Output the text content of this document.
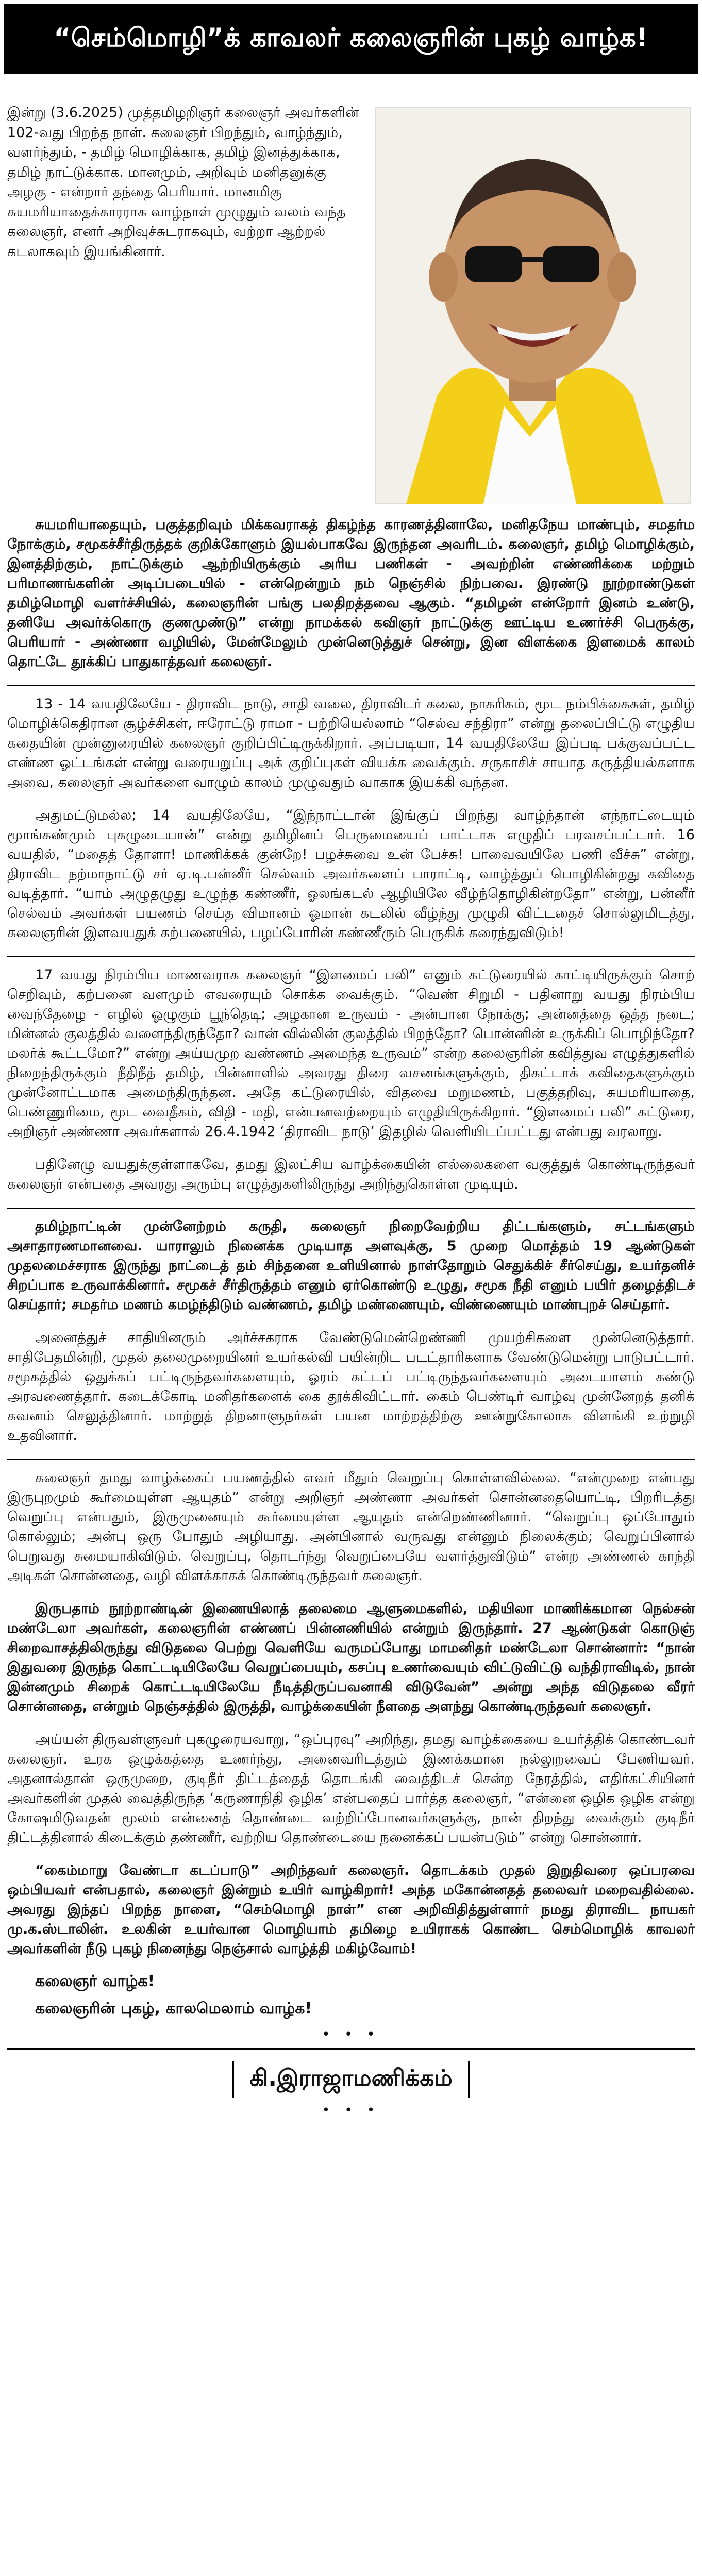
“செம்மொழி”க் காவலர் கலைஞரின் புகழ் வாழ்க!
இன்று (3.6.2025) முத்தமிழறிஞர் கலைஞர் அவர்களின் 102-வது பிறந்த நாள். கலைஞர் பிறந்தும், வாழ்ந்தும், வளர்ந்தும், - தமிழ் மொழிக்காக, தமிழ் இனத்துக்காக, தமிழ் நாட்டுக்காக. மானமும், அறிவும் மனிதனுக்கு அழகு - என்றார் தந்தை பெரியார். மானமிகு சுயமரியாதைக்காரராக வாழ்நாள் முழுதும் வலம் வந்த கலைஞர், எனர் அறிவுச்சுடராகவும், வற்றா ஆற்றல் கடலாகவும் இயங்கினார்.

சுயமரியாதையும், பகுத்தறிவும் மிக்கவராகத் திகழ்ந்த காரணத்தினாலே, மனிதநேய மாண்பும், சமதர்ம நோக்கும், சமூகச்சீர்திருத்தக் குறிக்கோளும் இயல்பாகவே இருந்தன அவரிடம். கலைஞர், தமிழ் மொழிக்கும், இனத்திற்கும், நாட்டுக்கும் ஆற்றியிருக்கும் அரிய பணிகள் - அவற்றின் எண்ணிக்கை மற்றும் பரிமாணங்களின் அடிப்படையில் - என்றென்றும் நம் நெஞ்சில் நிற்பவை. இரண்டு நூற்றாண்டுகள் தமிழ்மொழி வளர்ச்சியில், கலைஞரின் பங்கு பலதிறத்தவை ஆகும். “தமிழன் என்றோர் இனம் உண்டு, தனியே அவர்க்கொரு குணமுண்டு” என்று நாமக்கல் கவிஞர் நாட்டுக்கு ஊட்டிய உணர்ச்சி பெருக்கு, பெரியார் - அண்ணா வழியில், மேன்மேலும் முன்னெடுத்துச் சென்று, இன விளக்கை இளமைக் காலம் தொட்டே தூக்கிப் பாதுகாத்தவர் கலைஞர்.

13 - 14 வயதிலேயே - திராவிட நாடு, சாதி வலை, திராவிடர் கலை, நாகரிகம், மூட நம்பிக்கைகள், தமிழ் மொழிக்கெதிரான சூழ்ச்சிகள், ஈரோட்டு ராமா - பற்றியெல்லாம் “செல்வ சந்திரா” என்று தலைப்பிட்டு எழுதிய கதையின் முன்னுரையில் கலைஞர் குறிப்பிட்டிருக்கிறார். அப்படியா, 14 வயதிலேயே இப்படி பக்குவப்பட்ட எண்ண ஓட்டங்கள் என்று வரையறுப்பு அக் குறிப்புகள் வியக்க வைக்கும். சருகாசிச் சாயாத கருத்தியல்களாக அவை, கலைஞர் அவர்களை வாழும் காலம் முழுவதும் வாகாக இயக்கி வந்தன.

அதுமட்டுமல்ல; 14 வயதிலேயே, “இந்நாட்டான் இங்குப் பிறந்து வாழ்ந்தான் எந்நாட்டையும் மூாங்கண்மும் புகழுடையான்” என்று தமிழினப் பெருமையைப் பாட்டாக எழுதிப் பரவசப்பட்டார். 16 வயதில், “மதைத் தோளா! மாணிக்கக் குன்றே! பழச்சுவை உன் பேச்சு! பாவைவயிலே பணி வீச்சு” என்று, திராவிட நற்மாநாட்டு சர் ஏ.டி.பன்னீர் செல்வம் அவர்களைப் பாராட்டி, வாழ்த்துப் பொழிகின்றது கவிதை வடித்தார். “யாம் அழுதழுது உழுந்த கண்ணீர், ஓலங்கடல் ஆழியிலே வீழ்ந்தொழிகின்றதோ” என்று, பன்னீர் செல்வம் அவர்கள் பயணம் செய்த விமானம் ஓமான் கடலில் வீழ்ந்து முழுகி விட்டதைச் சொல்லுமிடத்து, கலைஞரின் இளவயதுக் கற்பனையில், பழப்போரின் கண்ணீரும் பெருகிக் கரைந்துவிடும்!

17 வயது நிரம்பிய மாணவராக கலைஞர் “இளமைப் பலி” எனும் கட்டுரையில் காட்டியிருக்கும் சொற் செறிவும், கற்பனை வளமும் எவரையும் சொக்க வைக்கும். “வெண் சிறுமி - பதினாறு வயது நிரம்பிய வைந்தேழை - எழில் ஓழுகும் பூந்தெடி; அழகான உருவம் - அன்பான நோக்கு; அன்னத்தை ஒத்த நடை; மின்னல் குலத்தில் வளைந்திருந்தோ? வான் வில்லின் குலத்தில் பிறந்தோ? பொன்னின் உருக்கிப் பொழிந்தோ? மலர்க் கூட்டமோ?” என்று அய்யமுற வண்ணம் அமைந்த உருவம்” என்ற கலைஞரின் கவித்துவ எழுத்துகளில் நிறைந்திருக்கும் நீதிநீத் தமிழ், பின்னாளில் அவரது திரை வசனங்களுக்கும், திகட்டாக் கவிதைகளுக்கும் முன்னோட்டமாக அமைந்திருந்தன. அதே கட்டுரையில், விதவை மறுமணம், பகுத்தறிவு, சுயமரியாதை, பெண்ணுரிமை, மூட வைதீகம், விதி - மதி, என்பனவற்றையும் எழுதியிருக்கிறார். “இளமைப் பலி” கட்டுரை, அறிஞர் அண்ணா அவர்களால் 26.4.1942 ‘திராவிட நாடு’ இதழில் வெளியிடப்பட்டது என்பது வரலாறு.

பதினேழு வயதுக்குள்ளாகவே, தமது இலட்சிய வாழ்க்கையின் எல்லைகளை வகுத்துக் கொண்டிருந்தவர் கலைஞர் என்பதை அவரது அரும்பு எழுத்துகளிலிருந்து அறிந்துகொள்ள முடியும்.

தமிழ்நாட்டின் முன்னேற்றம் கருதி, கலைஞர் நிறைவேற்றிய திட்டங்களும், சட்டங்களும் அசாதாரணமானவை. யாராலும் நினைக்க முடியாத அளவுக்கு, 5 முறை மொத்தம் 19 ஆண்டுகள் முதலமைச்சராக இருந்து நாட்டைத் தம் சிந்தனை உளியினால் நாள்தோறும் செதுக்கிச் சீர்செய்து, உயர்தனிச் சிறப்பாக உருவாக்கினார். சமூகச் சீர்திருத்தம் எனும் ஏர்கொண்டு உழுது, சமூக நீதி எனும் பயிர் தழைத்திடச் செய்தார்; சமதர்ம மணம் கமழ்ந்திடும் வண்ணம், தமிழ் மண்ணையும், விண்ணையும் மாண்புறச் செய்தார்.

அனைத்துச் சாதியினரும் அர்ச்சகராக வேண்டுமென்றெண்ணி முயற்சிகளை முன்னெடுத்தார். சாதிபேதமின்றி, முதல் தலைமுறையினர் உயர்கல்வி பயின்றிட படட்தாரிகளாக வேண்டுமென்று பாடுபட்டார். சமூகத்தில் ஒதுக்கப் பட்டிருந்தவர்களையும், ஓரம் கட்டப் பட்டிருந்தவர்களையும் அடையாளம் கண்டு அரவணைத்தார். கடைக்கோடி மனிதர்களைக் கை தூக்கிவிட்டார். கைம் பெண்டிர் வாழ்வு முன்னேறத் தனிக் கவனம் செலுத்தினார். மாற்றுத் திறனாளுநர்கள் பயன மாற்றத்திற்கு ஊன்றுகோலாக விளங்கி உற்றுழி உதவினார்.

கலைஞர் தமது வாழ்க்கைப் பயணத்தில் எவர் மீதும் வெறுப்பு கொள்ளவில்லை. “என்முறை என்பது இருபுறமும் கூர்மையுள்ள ஆயுதம்” என்று அறிஞர் அண்ணா அவர்கள் சொன்னதையொட்டி, பிறரிடத்து வெறுப்பு என்பதும், இருமுனையும் கூர்மையுள்ள ஆயுதம் என்றெண்ணினார். “வெறுப்பு ஒப்போதும் கொல்லும்; அன்பு ஒரு போதும் அழியாது. அன்பினால் வருவது என்னும் நிலைக்கும்; வெறுப்பினால் பெறுவது சுமையாகிவிடும். வெறுப்பு, தொடர்ந்து வெறுப்பையே வளர்த்துவிடும்” என்ற அண்ணல் காந்தி அடிகள் சொன்னதை, வழி விளக்காகக் கொண்டிருந்தவர் கலைஞர்.

இருபதாம் நூற்றாண்டின் இணையிலாத் தலைமை ஆளுமைகளில், மதியிலா மாணிக்கமான நெல்சன் மண்டேலா அவர்கள், கலைஞரின் எண்ணப் பின்னணியில் என்றும் இருந்தார். 27 ஆண்டுகள் கொடுஞ் சிறைவாசத்திலிருந்து விடுதலை பெற்று வெளியே வருமப்போது மாமனிதர் மண்டேலா சொன்னார்: “நான் இதுவரை இருந்த கொட்டடியிலேயே வெறுப்பையும், கசப்பு உணர்வையும் விட்டுவிட்டு வந்திராவிடில், நான் இன்னமும் சிறைக் கொட்டடியிலேயே நீடித்திருப்பவனாகி விடுவேன்” அன்று அந்த விடுதலை வீரர் சொன்னதை, என்றும் நெஞ்சத்தில் இருத்தி, வாழ்க்கையின் நீளதை அளந்து கொண்டிருந்தவர் கலைஞர்.

அய்யன் திருவள்ளுவர் புகழுரையவாறு, “ஒப்புரவு” அறிந்து, தமது வாழ்க்கையை உயர்த்திக் கொண்டவர் கலைஞர். உரக ஒழுக்கத்தை உணர்ந்து, அனைவரிடத்தும் இணக்கமான நல்லுறவைப் பேணியவர். அதனால்தான் ஒருமுறை, குடிநீர் திட்டத்தைத் தொடங்கி வைத்திடச் சென்ற நேரத்தில், எதிர்கட்சியினர் அவர்களின் முதல் வைத்திருந்த ‘கருணாநிதி ஒழிக’ என்பதைப் பார்த்த கலைஞர், “என்னை ஒழிக ஒழிக என்று கோஷமிடுவதன் மூலம் என்னைத் தொண்டை வற்றிப்போனவர்களுக்கு, நான் திறந்து வைக்கும் குடிநீர் திட்டத்தினால் கிடைக்கும் தண்ணீர், வற்றிய தொண்டையை நனைக்கப் பயன்படும்” என்று சொன்னார்.

“கைம்மாறு வேண்டா கடப்பாடு” அறிந்தவர் கலைஞர். தொடக்கம் முதல் இறுதிவரை ஒப்பரவை ஒம்பியவர் என்பதால், கலைஞர் இன்றும் உயிர் வாழ்கிறார்! அந்த மகோன்னதத் தலைவர் மறைவதில்லை. அவரது இந்தப் பிறந்த நாளை, “செம்மொழி நாள்” என அறிவிதித்துள்ளார் நமது திராவிட நாயகர் மு.க.ஸ்டாலின். உலகின் உயர்வான மொழியாம் தமிழை உயிராகக் கொண்ட செம்மொழிக் காவலர் அவர்களின் நீடு புகழ் நினைந்து நெஞ்சால் வாழ்த்தி மகிழ்வோம்!

கலைஞர் வாழ்க!
கலைஞரின் புகழ், காலமெலாம் வாழ்க!
• • •
கி.இராஜாமணிக்கம்
• • •
